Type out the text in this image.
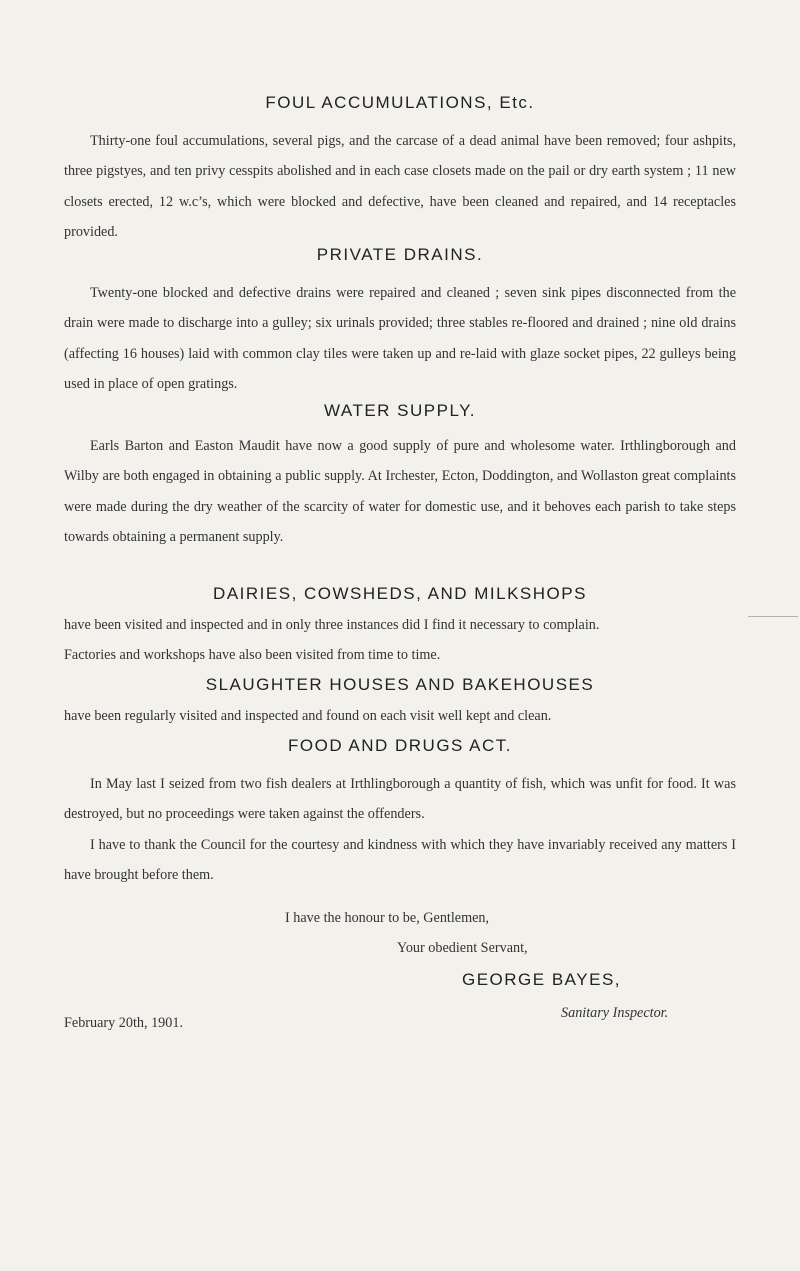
FOUL ACCUMULATIONS, Etc.
Thirty-one foul accumulations, several pigs, and the carcase of a dead animal have been removed; four ashpits, three pigstyes, and ten privy cesspits abolished and in each case closets made on the pail or dry earth system ; 11 new closets erected, 12 w.c’s, which were blocked and defective, have been cleaned and repaired, and 14 receptacles provided.
PRIVATE DRAINS.
Twenty-one blocked and defective drains were repaired and cleaned ; seven sink pipes disconnected from the drain were made to discharge into a gulley; six urinals provided; three stables re-floored and drained ; nine old drains (affecting 16 houses) laid with common clay tiles were taken up and re-laid with glaze socket pipes, 22 gulleys being used in place of open gratings.
WATER SUPPLY.
Earls Barton and Easton Maudit have now a good supply of pure and wholesome water. Irthlingborough and Wilby are both engaged in obtaining a public supply. At Irchester, Ecton, Doddington, and Wollaston great complaints were made during the dry weather of the scarcity of water for domestic use, and it behoves each parish to take steps towards obtaining a permanent supply.
DAIRIES, COWSHEDS, AND MILKSHOPS
have been visited and inspected and in only three instances did I find it necessary to complain.
Factories and workshops have also been visited from time to time.
SLAUGHTER HOUSES AND BAKEHOUSES
have been regularly visited and inspected and found on each visit well kept and clean.
FOOD AND DRUGS ACT.
In May last I seized from two fish dealers at Irthlingborough a quantity of fish, which was unfit for food. It was destroyed, but no proceedings were taken against the offenders.
I have to thank the Council for the courtesy and kindness with which they have invariably received any matters I have brought before them.
I have the honour to be, Gentlemen,
Your obedient Servant,
GEORGE BAYES,
Sanitary Inspector.
February 20th, 1901.
